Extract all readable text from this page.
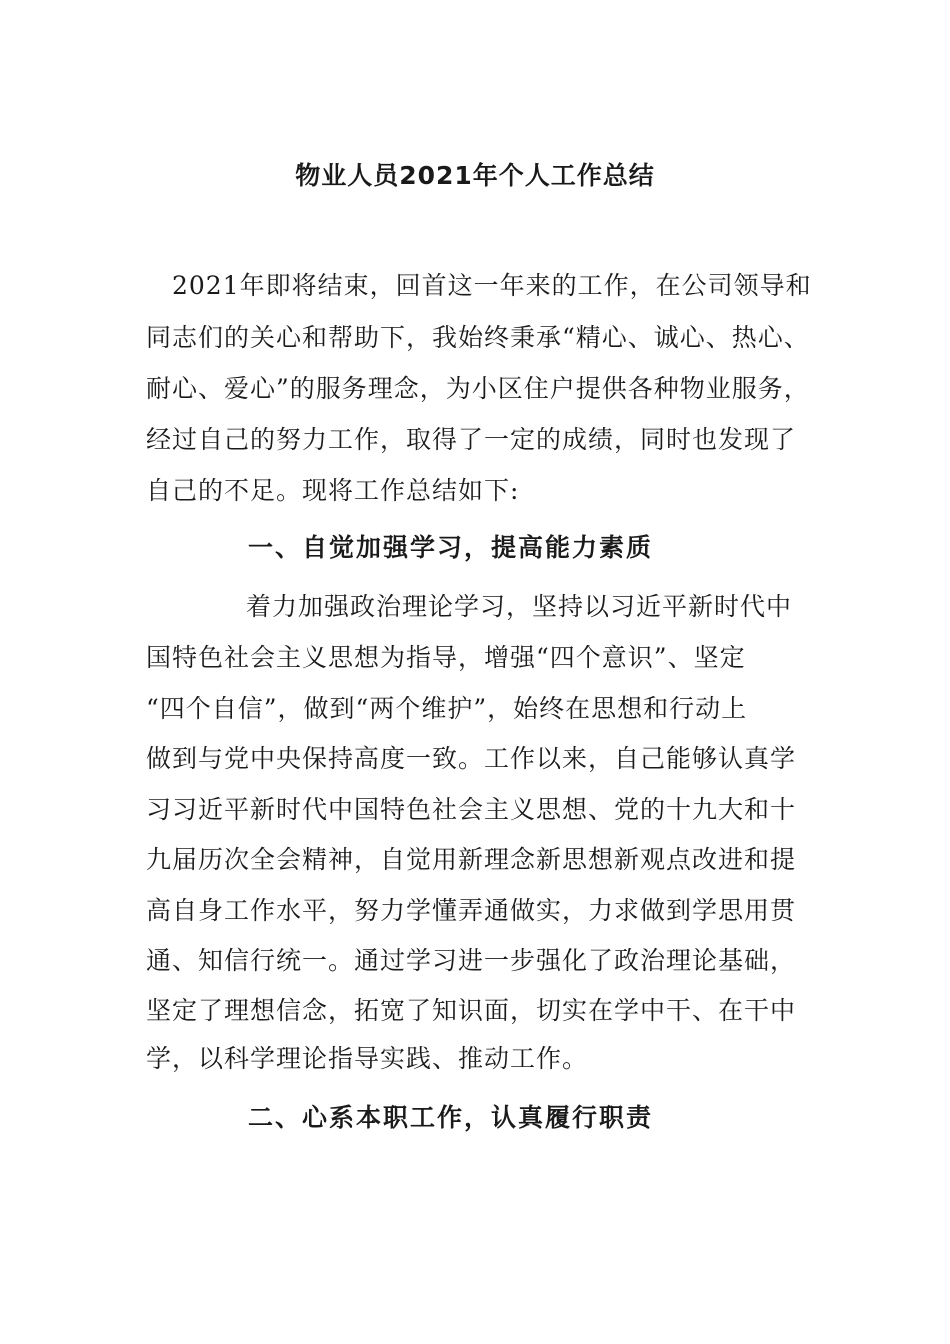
物业人员2021年个人工作总结

2021年即将结束，回首这一年来的工作，在公司领导和

同志们的关心和帮助下，我始终秉承“精心、诚心、热心、

耐心、爱心”的服务理念，为小区住户提供各种物业服务，

经过自己的努力工作，取得了一定的成绩，同时也发现了

自己的不足。现将工作总结如下:

一、自觉加强学习，提高能力素质

着力加强政治理论学习，坚持以习近平新时代中

国特色社会主义思想为指导，增强“四个意识”、坚定

“四个自信”，做到“两个维护”，始终在思想和行动上

做到与党中央保持高度一致。工作以来，自己能够认真学

习习近平新时代中国特色社会主义思想、党的十九大和十

九届历次全会精神，自觉用新理念新思想新观点改进和提

高自身工作水平，努力学懂弄通做实，力求做到学思用贯

通、知信行统一。通过学习进一步强化了政治理论基础，

坚定了理想信念，拓宽了知识面，切实在学中干、在干中

学，以科学理论指导实践、推动工作。

二、心系本职工作，认真履行职责
